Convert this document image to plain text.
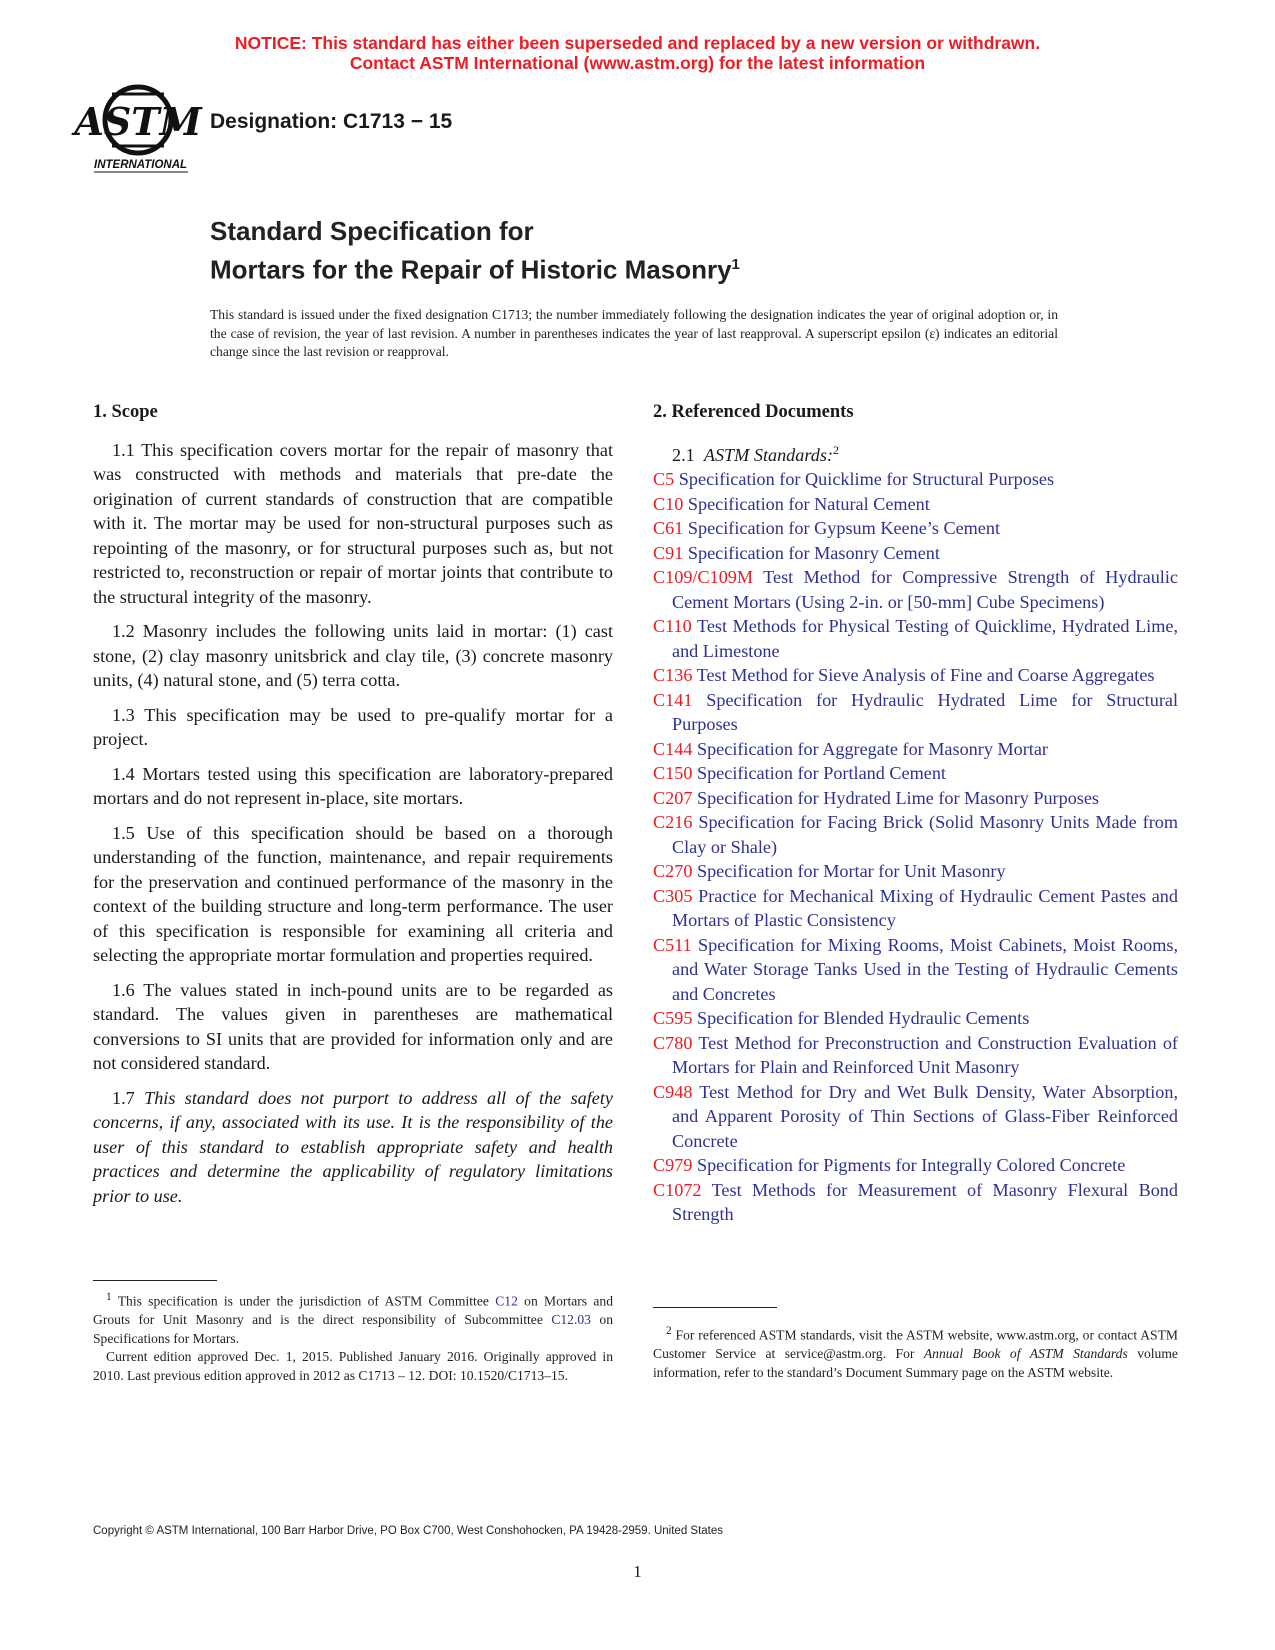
NOTICE: This standard has either been superseded and replaced by a new version or withdrawn.
Contact ASTM International (www.astm.org) for the latest information
ASTM
INTERNATIONAL
Designation: C1713 − 15
Standard Specification for
Mortars for the Repair of Historic Masonry$^1$
This standard is issued under the fixed designation C1713; the number immediately following the designation indicates the year of original adoption or, in the case of revision, the year of last revision. A number in parentheses indicates the year of last reapproval. A superscript epsilon (ε) indicates an editorial change since the last revision or reapproval.
1. Scope

1.1 This specification covers mortar for the repair of masonry that was constructed with methods and materials that pre-date the origination of current standards of construction that are compatible with it. The mortar may be used for non-structural purposes such as repointing of the masonry, or for structural purposes such as, but not restricted to, reconstruction or repair of mortar joints that contribute to the structural integrity of the masonry.

1.2 Masonry includes the following units laid in mortar: (1) cast stone, (2) clay masonry unitsbrick and clay tile, (3) concrete masonry units, (4) natural stone, and (5) terra cotta.

1.3 This specification may be used to pre-qualify mortar for a project.

1.4 Mortars tested using this specification are laboratory-prepared mortars and do not represent in-place, site mortars.

1.5 Use of this specification should be based on a thorough understanding of the function, maintenance, and repair requirements for the preservation and continued performance of the masonry in the context of the building structure and long-term performance. The user of this specification is responsible for examining all criteria and selecting the appropriate mortar formulation and properties required.

1.6 The values stated in inch-pound units are to be regarded as standard. The values given in parentheses are mathematical conversions to SI units that are provided for information only and are not considered standard.

1.7 This standard does not purport to address all of the safety concerns, if any, associated with its use. It is the responsibility of the user of this standard to establish appropriate safety and health practices and determine the applicability of regulatory limitations prior to use.

2. Referenced Documents

2.1 ASTM Standards:$^2$

C5 Specification for Quicklime for Structural Purposes

C10 Specification for Natural Cement

C61 Specification for Gypsum Keene’s Cement

C91 Specification for Masonry Cement

C109/C109M Test Method for Compressive Strength of Hydraulic Cement Mortars (Using 2-in. or [50-mm] Cube Specimens)

C110 Test Methods for Physical Testing of Quicklime, Hydrated Lime, and Limestone

C136 Test Method for Sieve Analysis of Fine and Coarse Aggregates

C141 Specification for Hydraulic Hydrated Lime for Structural Purposes

C144 Specification for Aggregate for Masonry Mortar

C150 Specification for Portland Cement

C207 Specification for Hydrated Lime for Masonry Purposes

C216 Specification for Facing Brick (Solid Masonry Units Made from Clay or Shale)

C270 Specification for Mortar for Unit Masonry

C305 Practice for Mechanical Mixing of Hydraulic Cement Pastes and Mortars of Plastic Consistency

C511 Specification for Mixing Rooms, Moist Cabinets, Moist Rooms, and Water Storage Tanks Used in the Testing of Hydraulic Cements and Concretes

C595 Specification for Blended Hydraulic Cements

C780 Test Method for Preconstruction and Construction Evaluation of Mortars for Plain and Reinforced Unit Masonry

C948 Test Method for Dry and Wet Bulk Density, Water Absorption, and Apparent Porosity of Thin Sections of Glass-Fiber Reinforced Concrete

C979 Specification for Pigments for Integrally Colored Concrete

C1072 Test Methods for Measurement of Masonry Flexural Bond Strength

$^1$ This specification is under the jurisdiction of ASTM Committee C12 on Mortars and Grouts for Unit Masonry and is the direct responsibility of Subcommittee C12.03 on Specifications for Mortars.

Current edition approved Dec. 1, 2015. Published January 2016. Originally approved in 2010. Last previous edition approved in 2012 as C1713 – 12. DOI: 10.1520/C1713–15.

$^2$ For referenced ASTM standards, visit the ASTM website, www.astm.org, or contact ASTM Customer Service at service@astm.org. For Annual Book of ASTM Standards volume information, refer to the standard’s Document Summary page on the ASTM website.

Copyright © ASTM International, 100 Barr Harbor Drive, PO Box C700, West Conshohocken, PA 19428-2959. United States
1
